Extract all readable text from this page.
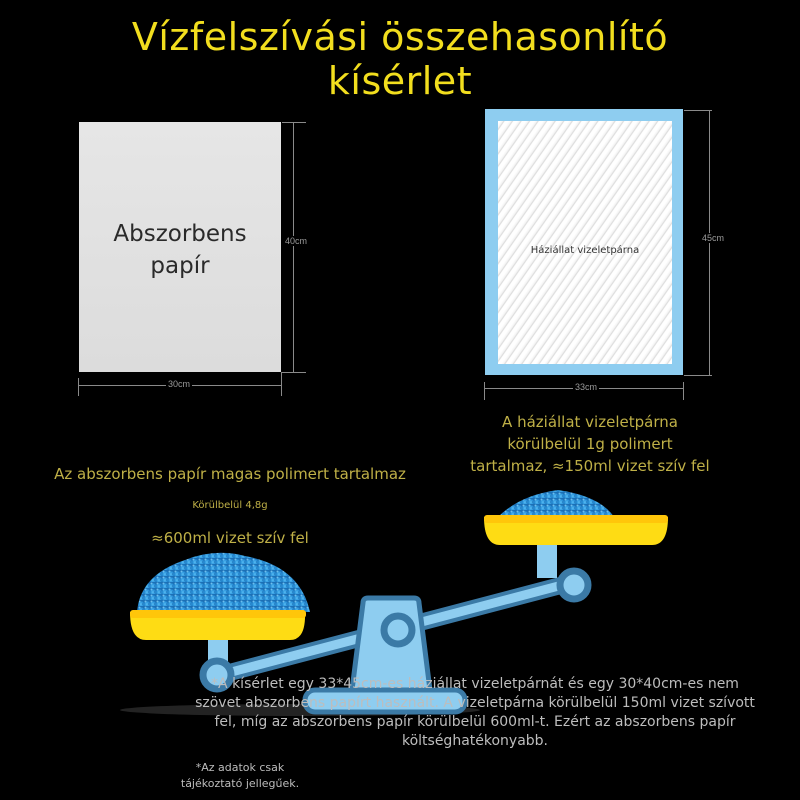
Vízfelszívási összehasonlító
kísérlet
Abszorbens
papír
40cm
30cm
Háziállat vizeletpárna
45cm
33cm
A háziállat vizeletpárna
körülbelül 1g polimert
tartalmaz, ≈150ml vizet szív fel
Az abszorbens papír magas polimert tartalmaz
Körülbelül 4,8g
≈600ml vizet szív fel
*A kísérlet egy 33*45cm-es háziállat vizeletpárnát és egy 30*40cm-es nem
szövet abszorbens papírt használt. A vizeletpárna körülbelül 150ml vizet szívott
fel, míg az abszorbens papír körülbelül 600ml-t. Ezért az abszorbens papír
költséghatékonyabb.
*Az adatok csak
tájékoztató jellegűek.
